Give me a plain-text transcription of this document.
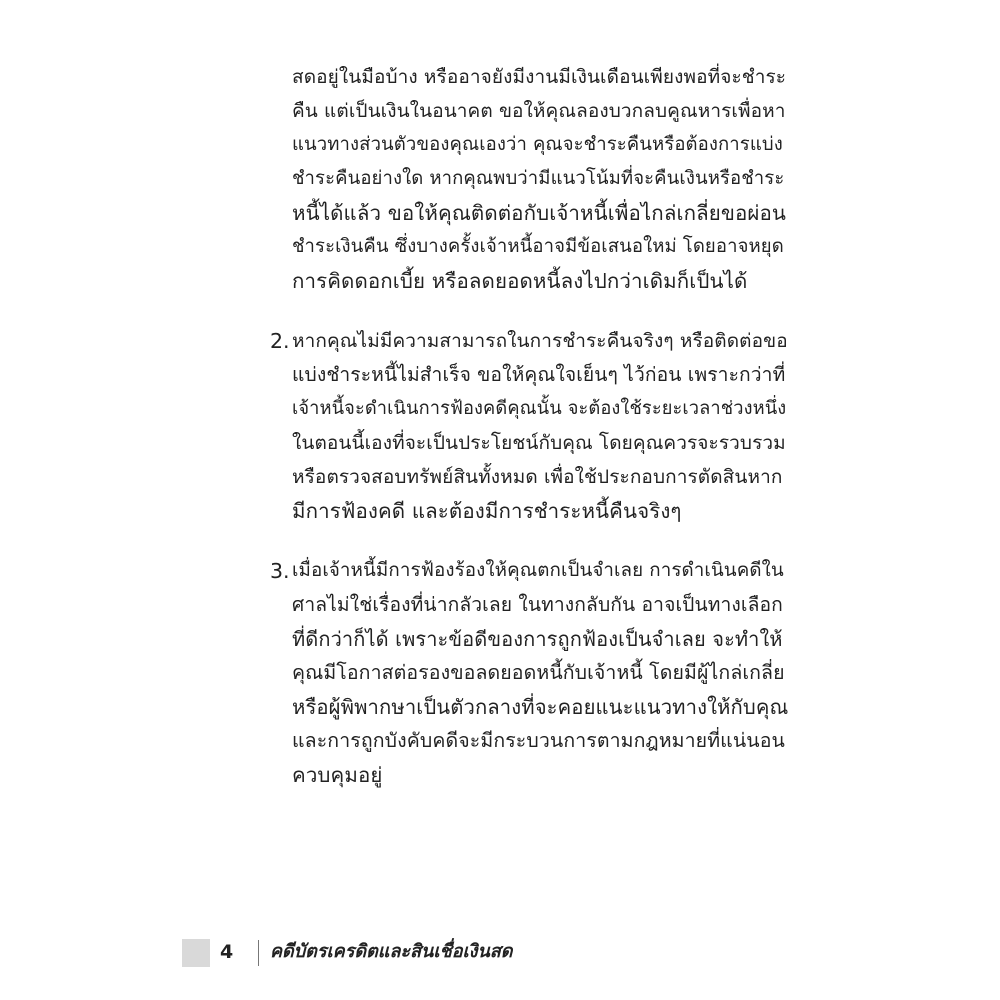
สดอยู่ในมือบ้าง หรืออาจยังมีงานมีเงินเดือนเพียงพอที่จะชำระ
คืน แต่เป็นเงินในอนาคต ขอให้คุณลองบวกลบคูณหารเพื่อหา
แนวทางส่วนตัวของคุณเองว่า คุณจะชำระคืนหรือต้องการแบ่ง
ชำระคืนอย่างใด หากคุณพบว่ามีแนวโน้มที่จะคืนเงินหรือชำระ
หนี้ได้แล้ว ขอให้คุณติดต่อกับเจ้าหนี้เพื่อไกล่เกลี่ยขอผ่อน
ชำระเงินคืน ซึ่งบางครั้งเจ้าหนี้อาจมีข้อเสนอใหม่ โดยอาจหยุด
การคิดดอกเบี้ย หรือลดยอดหนี้ลงไปกว่าเดิมก็เป็นได้
2. หากคุณไม่มีความสามารถในการชำระคืนจริงๆ หรือติดต่อขอ
แบ่งชำระหนี้ไม่สำเร็จ ขอให้คุณใจเย็นๆ ไว้ก่อน เพราะกว่าที่
เจ้าหนี้จะดำเนินการฟ้องคดีคุณนั้น จะต้องใช้ระยะเวลาช่วงหนึ่ง
ในตอนนี้เองที่จะเป็นประโยชน์กับคุณ โดยคุณควรจะรวบรวม
หรือตรวจสอบทรัพย์สินทั้งหมด เพื่อใช้ประกอบการตัดสินหาก
มีการฟ้องคดี และต้องมีการชำระหนี้คืนจริงๆ
3. เมื่อเจ้าหนี้มีการฟ้องร้องให้คุณตกเป็นจำเลย การดำเนินคดีใน
ศาลไม่ใช่เรื่องที่น่ากลัวเลย ในทางกลับกัน อาจเป็นทางเลือก
ที่ดีกว่าก็ได้ เพราะข้อดีของการถูกฟ้องเป็นจำเลย จะทำให้
คุณมีโอกาสต่อรองขอลดยอดหนี้กับเจ้าหนี้ โดยมีผู้ไกล่เกลี่ย
หรือผู้พิพากษาเป็นตัวกลางที่จะคอยแนะแนวทางให้กับคุณ
และการถูกบังคับคดีจะมีกระบวนการตามกฎหมายที่แน่นอน
ควบคุมอยู่
4 คดีบัตรเครดิตและสินเชื่อเงินสด
